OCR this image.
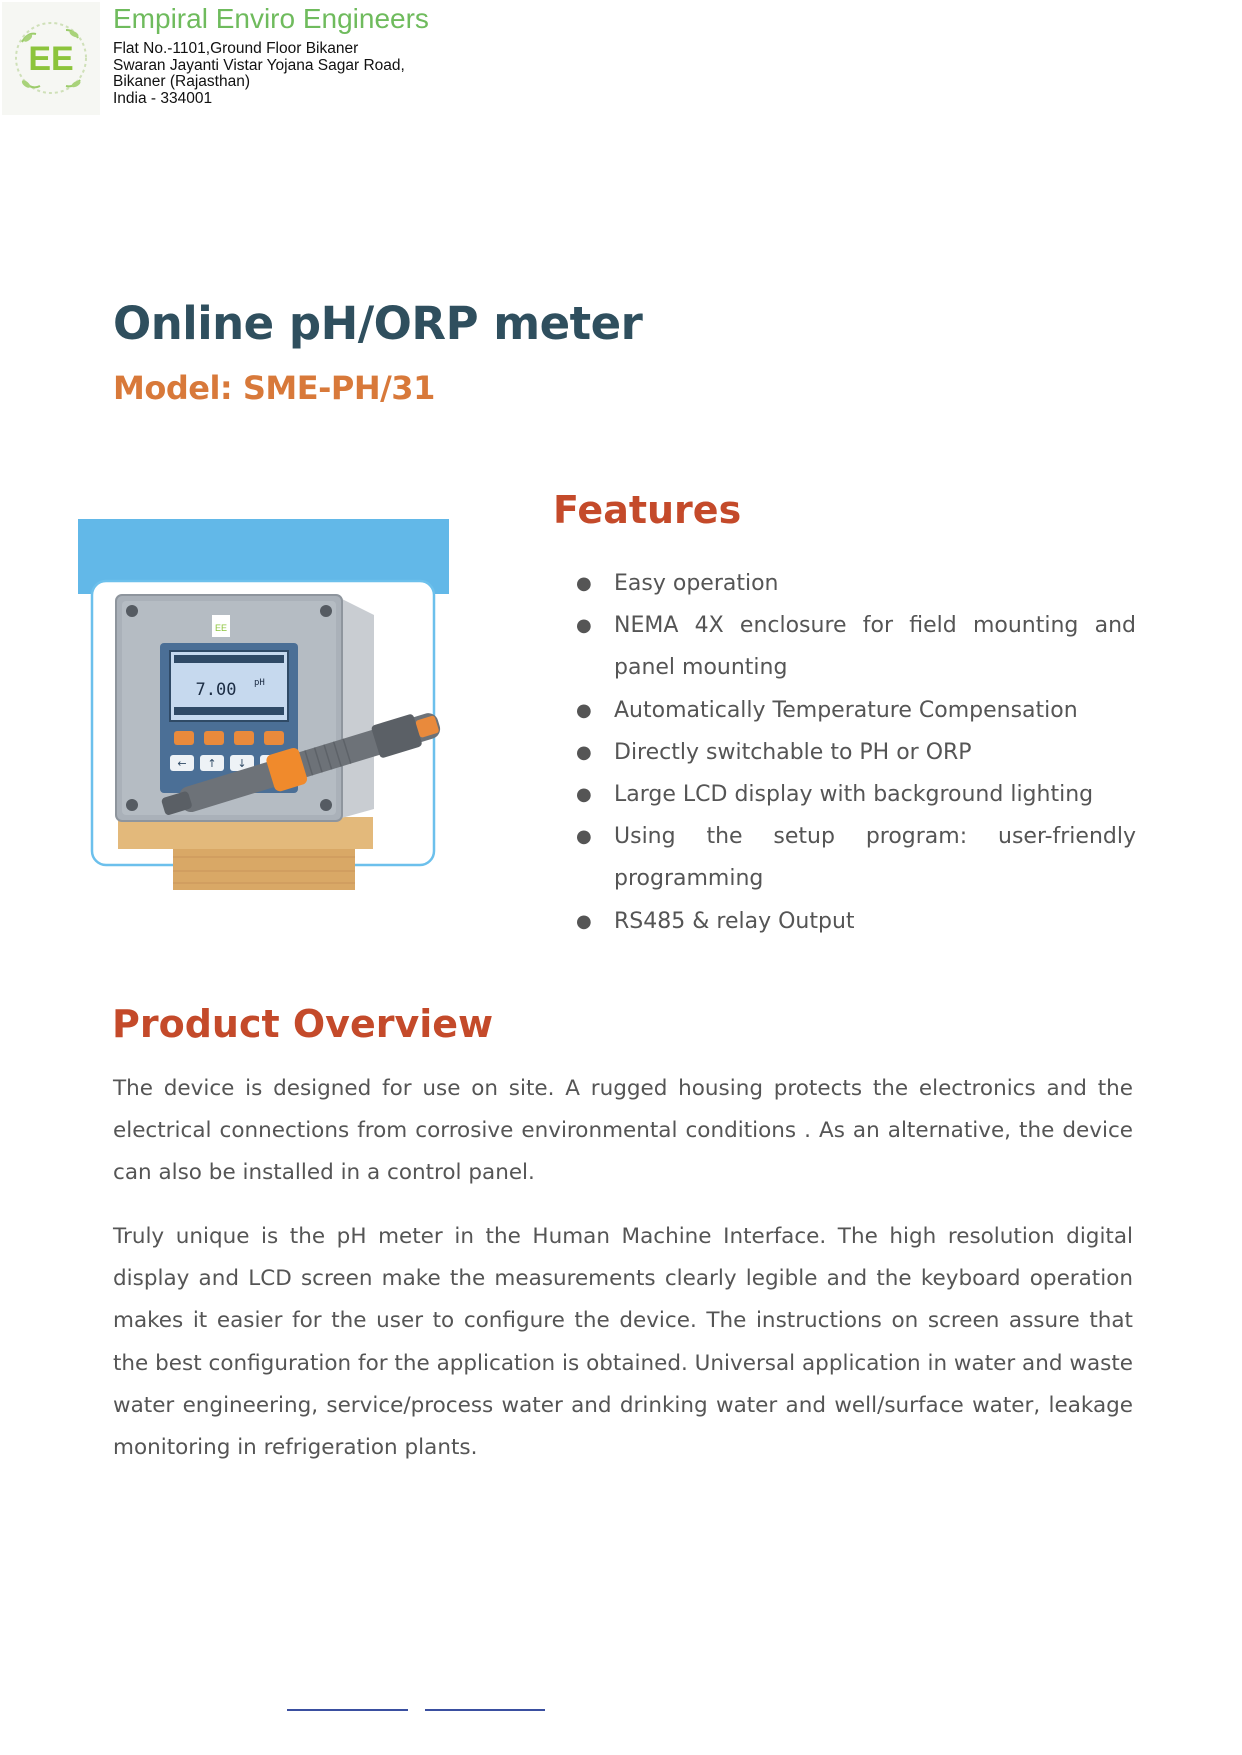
EE
Empiral Enviro Engineers
Flat No.-1101,Ground Floor Bikaner
Swaran Jayanti Vistar Yojana Sagar Road,
Bikaner (Rajasthan)
India - 334001
Online pH/ORP meter
Model: SME-PH/31
EE
7.00 pH
← ↑ ↓
Features
● Easy operation
● NEMA 4X enclosure for field mounting and panel mounting
● Automatically Temperature Compensation
● Directly switchable to PH or ORP
● Large LCD display with background lighting
● Using the setup program: user-friendly programming
● RS485 & relay Output
Product Overview

The device is designed for use on site. A rugged housing protects the electronics and the electrical connections from corrosive environmental conditions . As an alternative, the device can also be installed in a control panel.

Truly unique is the pH meter in the Human Machine Interface. The high resolution digital display and LCD screen make the measurements clearly legible and the keyboard operation makes it easier for the user to configure the device. The instructions on screen assure that the best configuration for the application is obtained. Universal application in water and waste water engineering, service/process water and drinking water and well/surface water, leakage monitoring in refrigeration plants.
